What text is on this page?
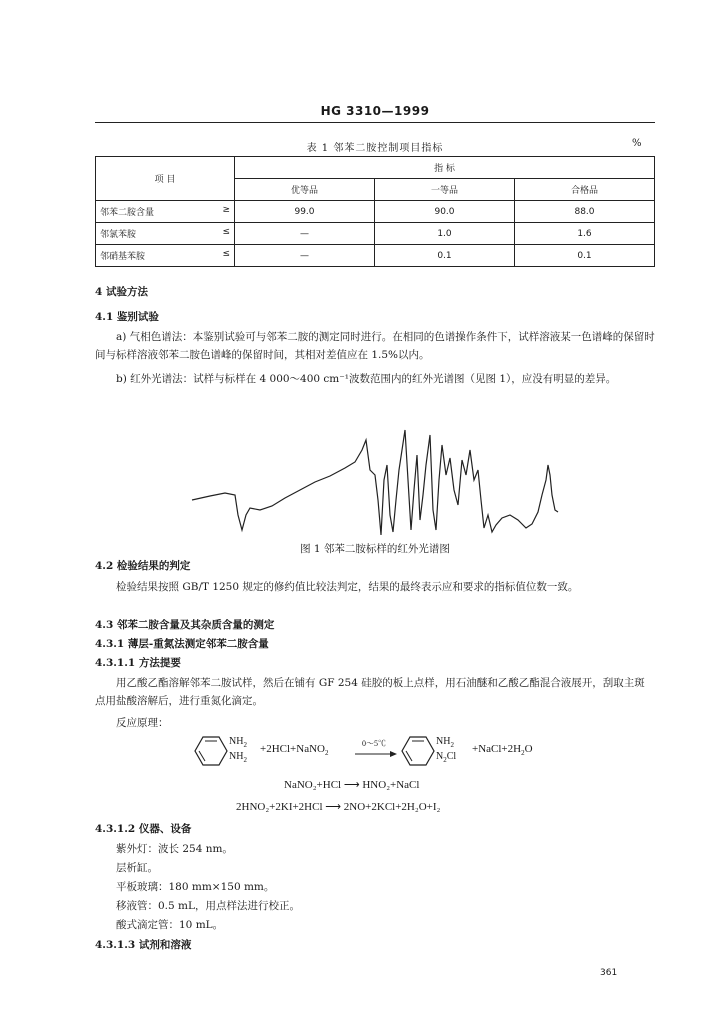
HG 3310—1999
表 1 邻苯二胺控制项目指标	%
项 目	指 标		
	优等品	一等品	合格品

邻苯二胺含量 ≥	99.0	90.0	88.0

邻氯苯胺 ≤	—	1.0	1.6

邻硝基苯胺 ≤	—	0.1	0.1

4 试验方法

4.1 鉴别试验

a) 气相色谱法：本鉴别试验可与邻苯二胺的测定同时进行。在相同的色谱操作条件下，试样溶液某一色谱峰的保留时间与标样溶液邻苯二胺色谱峰的保留时间，其相对差值应在 1.5%以内。

b) 红外光谱法：试样与标样在 4 000～400 cm⁻¹波数范围内的红外光谱图（见图 1），应没有明显的差异。

图 1 邻苯二胺标样的红外光谱图

4.2 检验结果的判定

检验结果按照 GB/T 1250 规定的修约值比较法判定，结果的最终表示应和要求的指标值位数一致。

4.3 邻苯二胺含量及其杂质含量的测定

4.3.1 薄层-重氮法测定邻苯二胺含量

4.3.1.1 方法提要

用乙酸乙酯溶解邻苯二胺试样，然后在铺有 GF 254 硅胶的板上点样，用石油醚和乙酸乙酯混合液展开，刮取主斑点用盐酸溶解后，进行重氮化滴定。

反应原理：

$NH_2$
$NH_2$
+2HCl+NaNO$_2$
0～5℃	$NH_2$
$N_2Cl$
$+NaCl+2H_2O$
NaNO₂+HCl ⟶ HNO₂+NaCl
2HNO₂+2KI+2HCl ⟶ 2NO+2KCl+2H₂O+I₂

4.3.1.2 仪器、设备

紫外灯：波长 254 nm。

层析缸。

平板玻璃：180 mm×150 mm。

移液管：0.5 mL，用点样法进行校正。

酸式滴定管：10 mL。

4.3.1.3 试剂和溶液

361
